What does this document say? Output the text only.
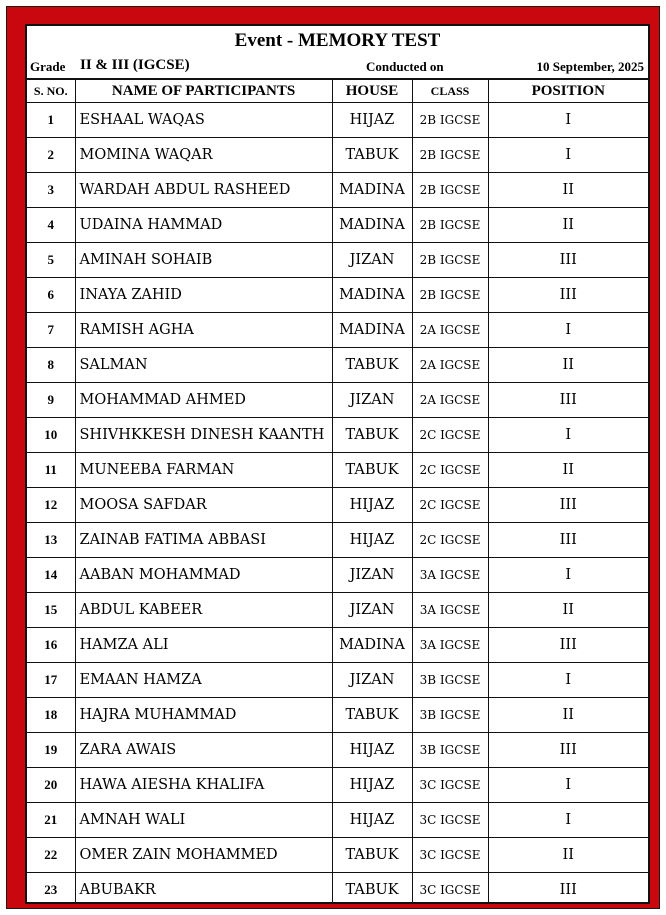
Event - MEMORY TEST
Grade II & III (IGCSE)	Conducted on	10 September, 2025
S. NO.	NAME OF PARTICIPANTS	HOUSE	CLASS	POSITION
1	ESHAAL WAQAS	HIJAZ	2B IGCSE	I
2	MOMINA WAQAR	TABUK	2B IGCSE	I
3	WARDAH ABDUL RASHEED	MADINA	2B IGCSE	II
4	UDAINA HAMMAD	MADINA	2B IGCSE	II
5	AMINAH SOHAIB	JIZAN	2B IGCSE	III
6	INAYA ZAHID	MADINA	2B IGCSE	III
7	RAMISH AGHA	MADINA	2A IGCSE	I
8	SALMAN	TABUK	2A IGCSE	II
9	MOHAMMAD AHMED	JIZAN	2A IGCSE	III
10	SHIVHKKESH DINESH KAANTH	TABUK	2C IGCSE	I
11	MUNEEBA FARMAN	TABUK	2C IGCSE	II
12	MOOSA SAFDAR	HIJAZ	2C IGCSE	III
13	ZAINAB FATIMA ABBASI	HIJAZ	2C IGCSE	III
14	AABAN MOHAMMAD	JIZAN	3A IGCSE	I
15	ABDUL KABEER	JIZAN	3A IGCSE	II
16	HAMZA ALI	MADINA	3A IGCSE	III
17	EMAAN HAMZA	JIZAN	3B IGCSE	I
18	HAJRA MUHAMMAD	TABUK	3B IGCSE	II
19	ZARA AWAIS	HIJAZ	3B IGCSE	III
20	HAWA AIESHA KHALIFA	HIJAZ	3C IGCSE	I
21	AMNAH WALI	HIJAZ	3C IGCSE	I
22	OMER ZAIN MOHAMMED	TABUK	3C IGCSE	II
23	ABUBAKR	TABUK	3C IGCSE	III
